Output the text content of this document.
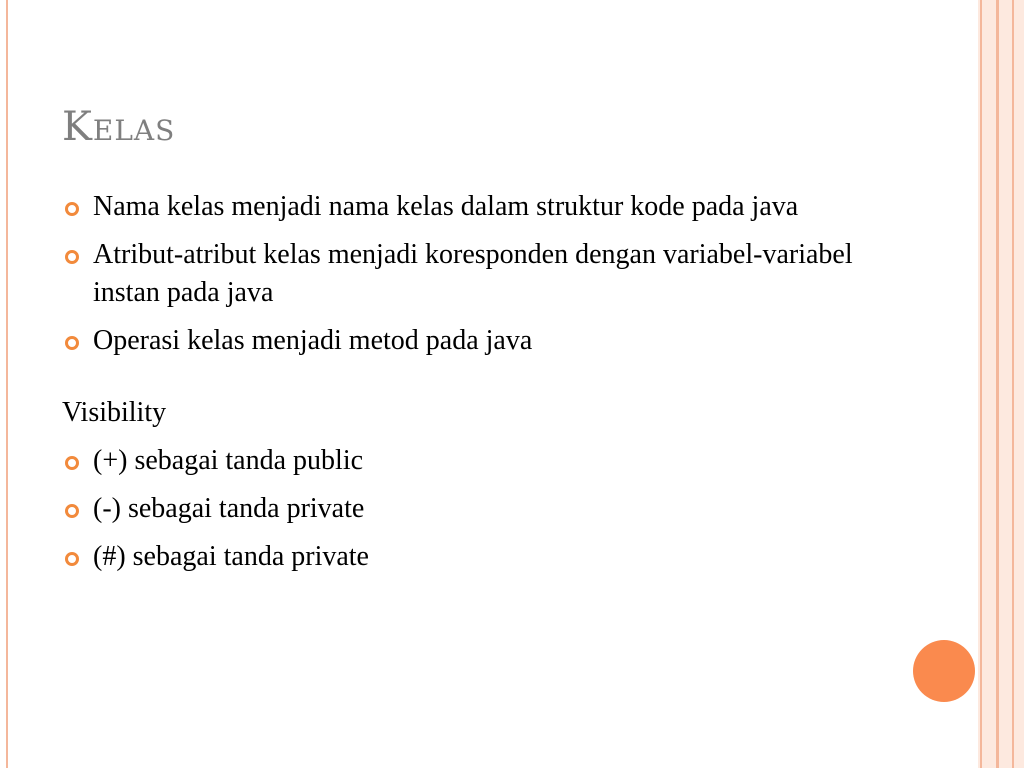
Kelas
Nama kelas menjadi nama kelas dalam struktur kode pada java
Atribut-atribut kelas menjadi koresponden dengan variabel-variabel instan pada java
Operasi kelas menjadi metod pada java
Visibility
(+) sebagai tanda public
(-) sebagai tanda private
(#) sebagai tanda private
